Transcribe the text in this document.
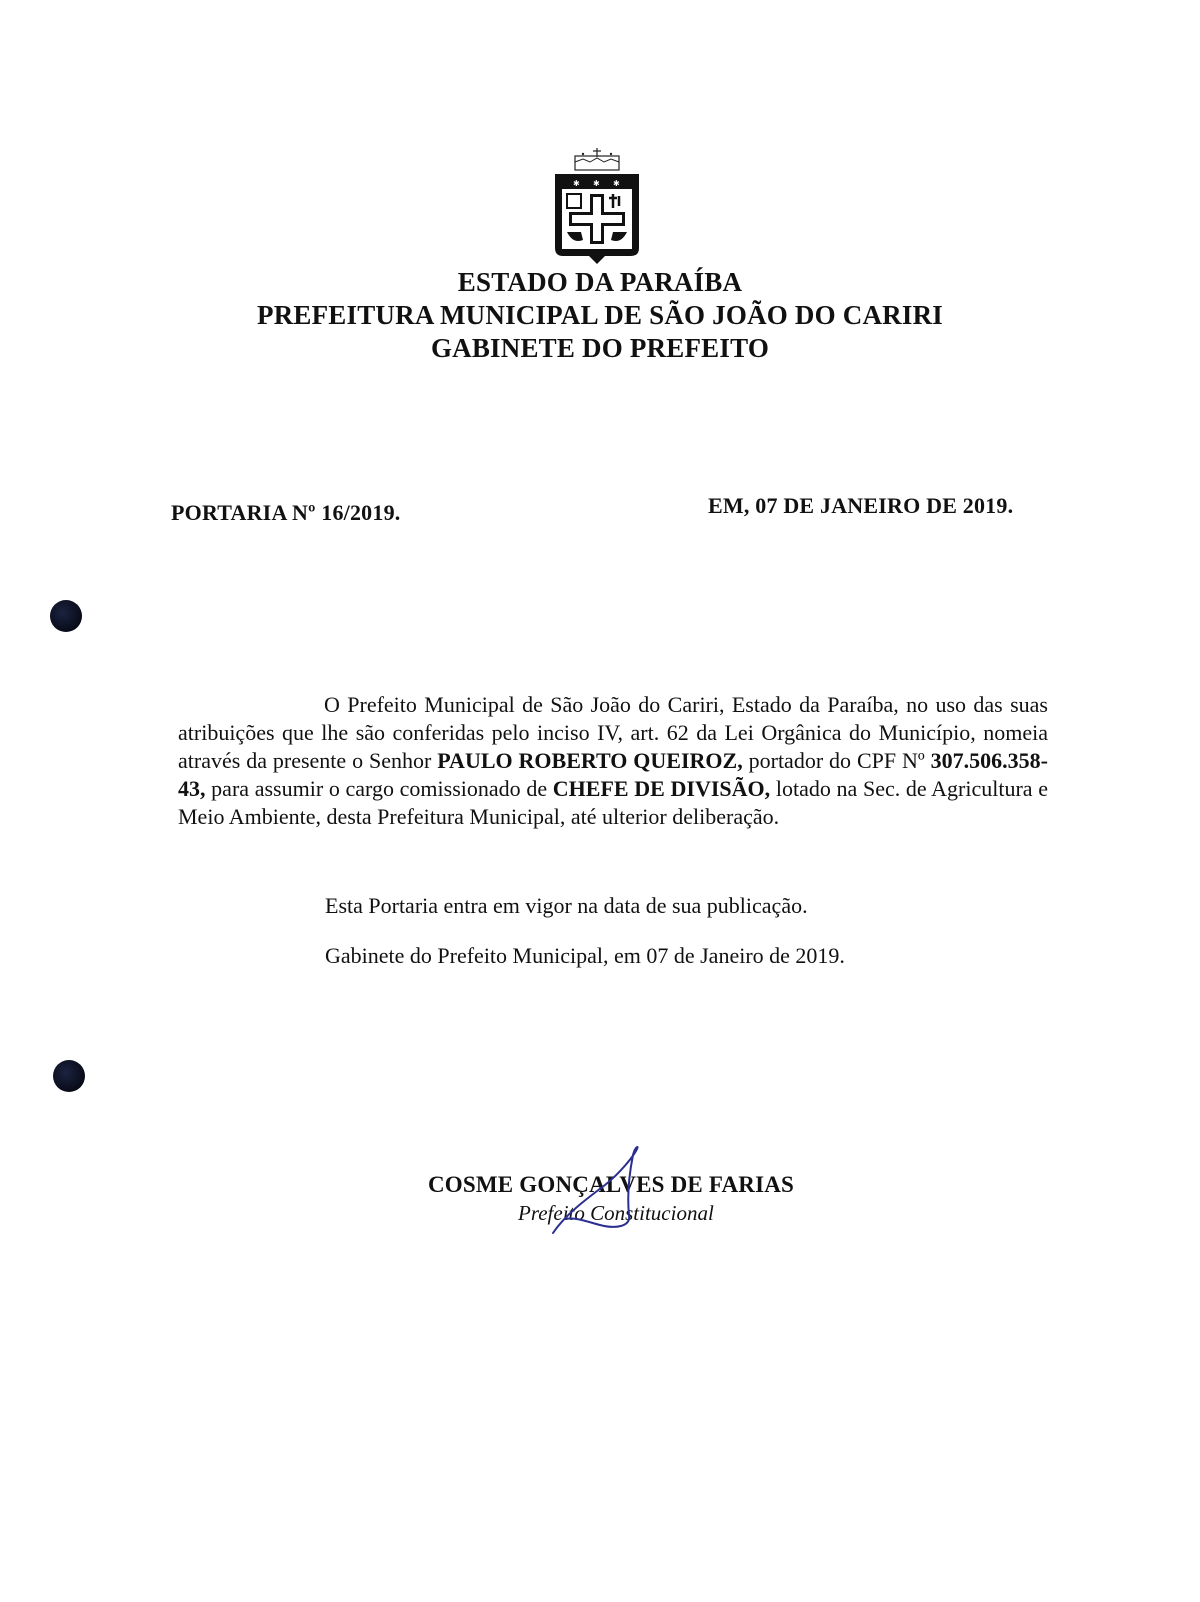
✱ ✱ ✱
ESTADO DA PARAÍBA
PREFEITURA MUNICIPAL DE SÃO JOÃO DO CARIRI
GABINETE DO PREFEITO
PORTARIA Nº 16/2019.	EM, 07 DE JANEIRO DE 2019.

O Prefeito Municipal de São João do Cariri, Estado da Paraíba, no uso das suas atribuições que lhe são conferidas pelo inciso IV, art. 62 da Lei Orgânica do Município, nomeia através da presente o Senhor PAULO ROBERTO QUEIROZ, portador do CPF Nº 307.506.358-43, para assumir o cargo comissionado de CHEFE DE DIVISÃO, lotado na Sec. de Agricultura e Meio Ambiente, desta Prefeitura Municipal, até ulterior deliberação.

Esta Portaria entra em vigor na data de sua publicação.
Gabinete do Prefeito Municipal, em 07 de Janeiro de 2019.
COSME GONÇALVES DE FARIAS
Prefeito Constitucional
